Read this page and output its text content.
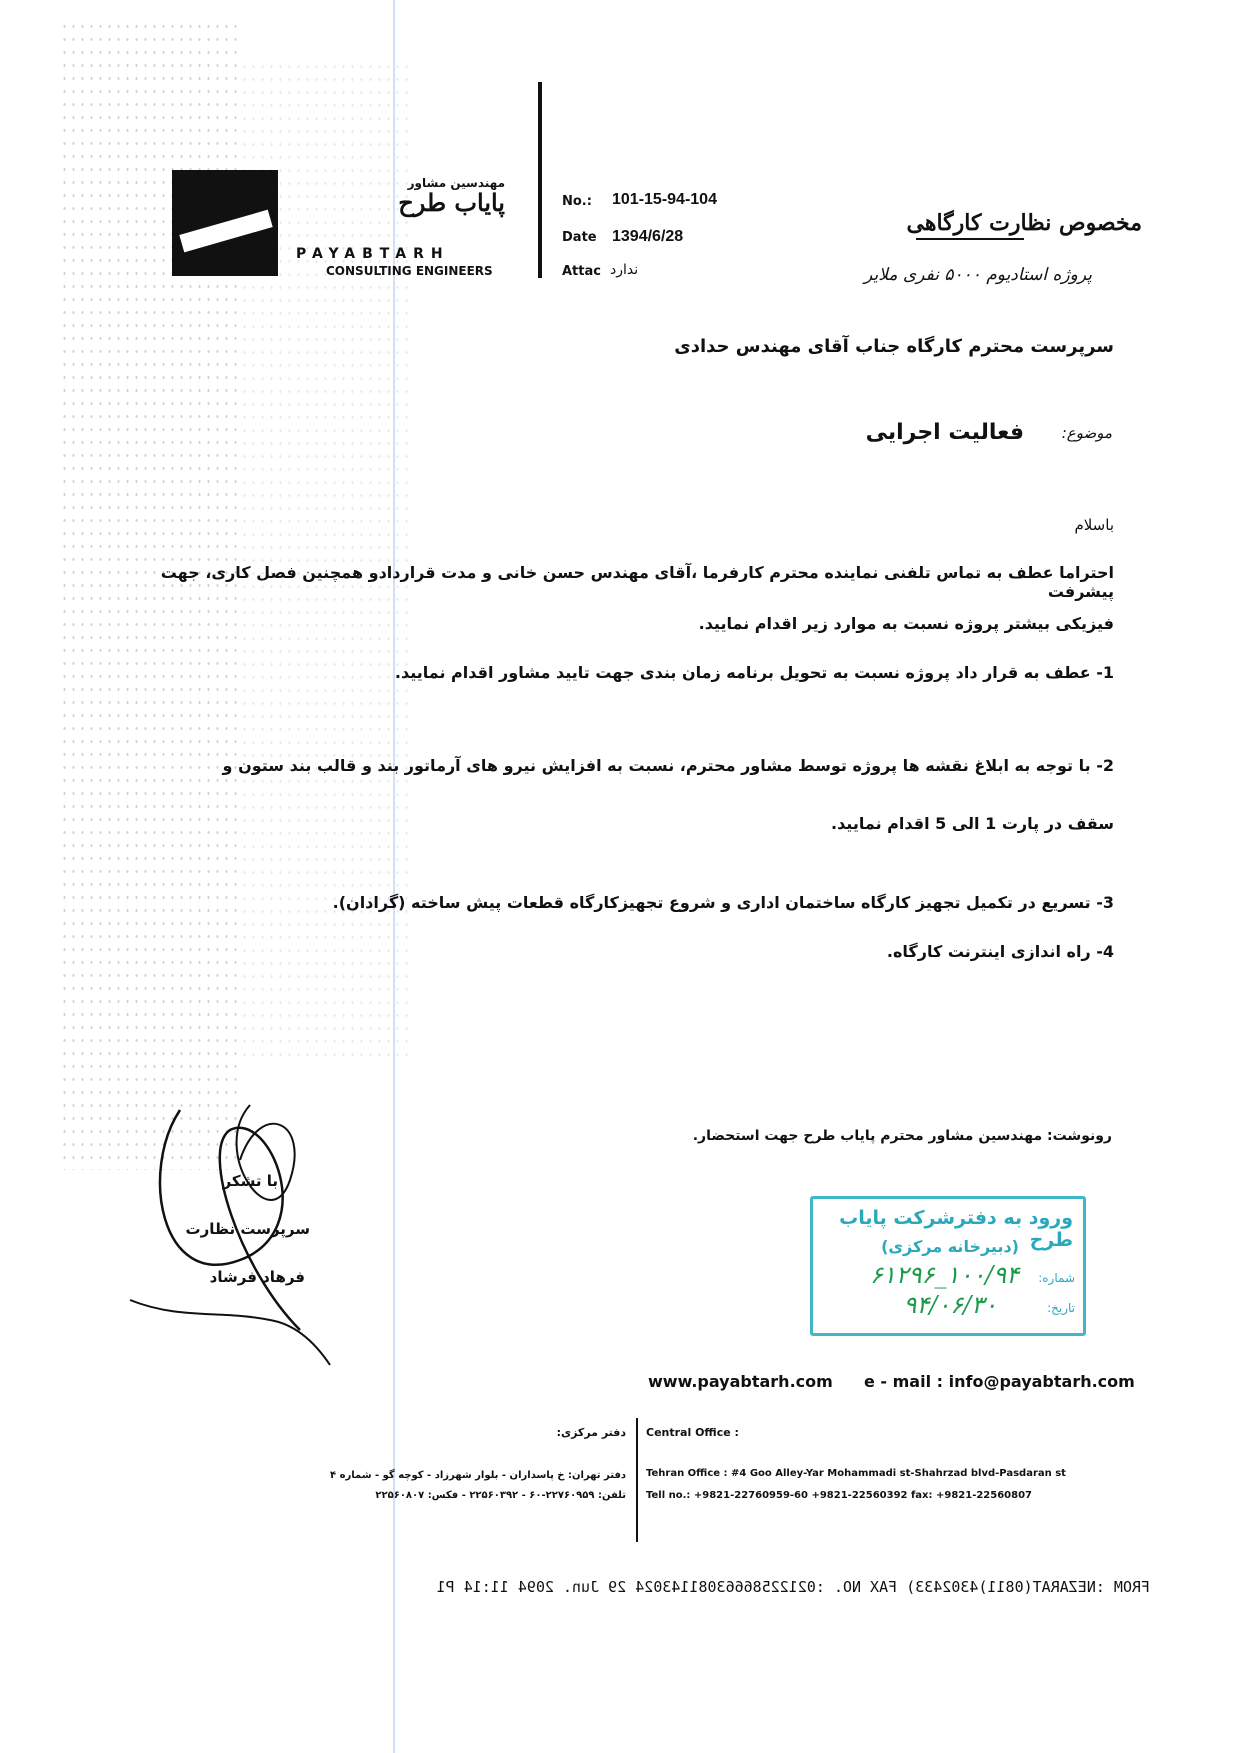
مهندسین مشاور
پایاب طرح
PAYABTARH
CONSULTING ENGINEERS
No.: 101-15-94-104
Date 1394/6/28
Attac ندارد
مخصوص نظارت کارگاهی
پروژه استادیوم ۵۰۰۰ نفری ملایر
سرپرست محترم کارگاه جناب آقای مهندس حدادی
موضوع:
فعالیت اجرایی
باسلام
احتراما عطف به تماس تلفنی نماینده محترم کارفرما ،آقای مهندس حسن خانی و مدت قراردادو همچنین فصل کاری، جهت پیشرفت
فیزیکی بیشتر پروژه نسبت به موارد زیر اقدام نمایید.
1- عطف به قرار داد پروژه نسبت به تحویل برنامه زمان بندی جهت تایید مشاور اقدام نمایید.
2- با توجه به ابلاغ نقشه ها پروژه توسط مشاور محترم، نسبت به افزایش نیرو های آرماتور بند و قالب بند ستون و
سقف در پارت 1 الی 5 اقدام نمایید.
3- تسریع در تکمیل تجهیز کارگاه ساختمان اداری و شروع تجهیزکارگاه قطعات پیش ساخته (گرادان).
4- راه اندازی اینترنت کارگاه.
رونوشت: مهندسین مشاور محترم پایاب طرح جهت استحضار.
با تشکر
سرپرست نظارت
فرهاد فرشاد
ورود به دفترشرکت پایاب طرح
(دبیرخانه مرکزی)
شماره:
۱۰۰/۹۴_۶۱۲۹۶
تاریخ:
۹۴/۰۶/۳۰
www.payabtarh.com e - mail : info@payabtarh.com
Central Office :
دفتر مرکزی:
Tehran Office : #4 Goo Alley-Yar Mohammadi st-Shahrzad blvd-Pasdaran st
Tell no.: +9821-22760959-60 +9821-22560392 fax: +9821-22560807
دفتر تهران: خ پاسداران - بلوار شهرزاد - کوچه گو - شماره ۴
تلفن: ۲۲۷۶۰۹۵۹-۶۰ - ۲۲۵۶۰۳۹۲ - فکس: ۲۲۵۶۰۸۰۷
FROM :NEZARAT(0811)4302433) FAX NO. :02122586663081143024 29 Jun. 2094 11:14 P1
